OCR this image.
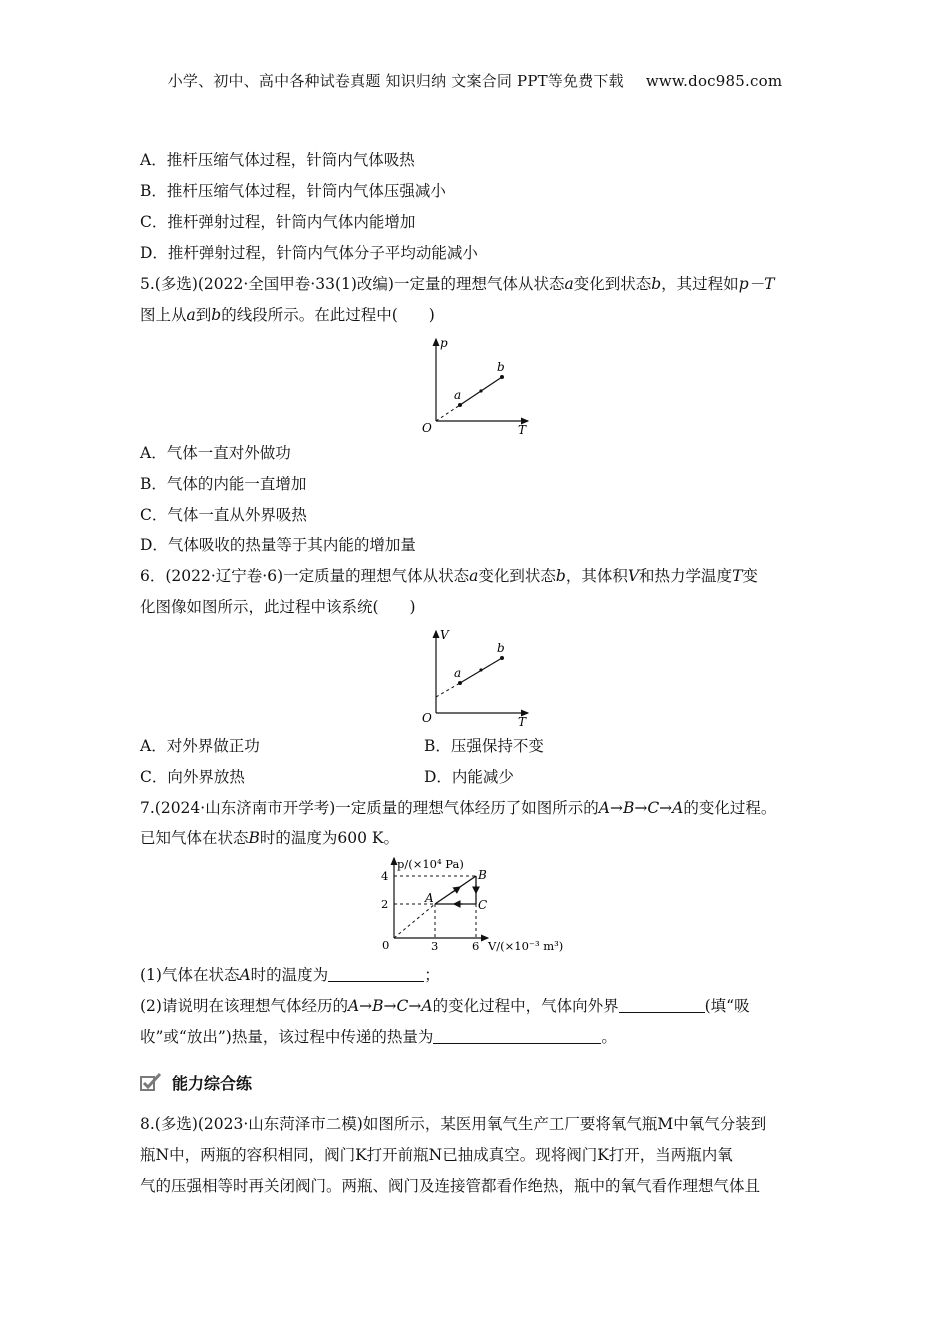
小学、初中、高中各种试卷真题 知识归纳 文案合同 PPT等免费下载 www.doc985.com
A．推杆压缩气体过程，针筒内气体吸热
B．推杆压缩气体过程，针筒内气体压强减小
C．推杆弹射过程，针筒内气体内能增加
D．推杆弹射过程，针筒内气体分子平均动能减小
5.(多选)(2022·全国甲卷·33(1)改编)一定量的理想气体从状态a变化到状态b，其过程如p－T
图上从a到b的线段所示。在此过程中(　　)
p
T
O
a
b
A．气体一直对外做功
B．气体的内能一直增加
C．气体一直从外界吸热
D．气体吸收的热量等于其内能的增加量
6．(2022·辽宁卷·6)一定质量的理想气体从状态a变化到状态b，其体积V和热力学温度T变
化图像如图所示，此过程中该系统(　　)
V
T
O
a
b
A．对外界做正功	B．压强保持不变
C．向外界放热	D．内能减少
7.(2024·山东济南市开学考)一定质量的理想气体经历了如图所示的A→B→C→A的变化过程。
已知气体在状态B时的温度为600 K。
p/(×10⁴ Pa)
V/(×10⁻³ m³)
0
4
2
3	6
A
B
C
(1)气体在状态A时的温度为	；
(2)请说明在该理想气体经历的A→B→C→A的变化过程中，气体向外界	(填“吸
收”或“放出”)热量，该过程中传递的热量为	。
能力综合练
8.(多选)(2023·山东菏泽市二模)如图所示，某医用氧气生产工厂要将氧气瓶M中氧气分装到
瓶N中，两瓶的容积相同，阀门K打开前瓶N已抽成真空。现将阀门K打开，当两瓶内氧
气的压强相等时再关闭阀门。两瓶、阀门及连接管都看作绝热，瓶中的氧气看作理想气体且
